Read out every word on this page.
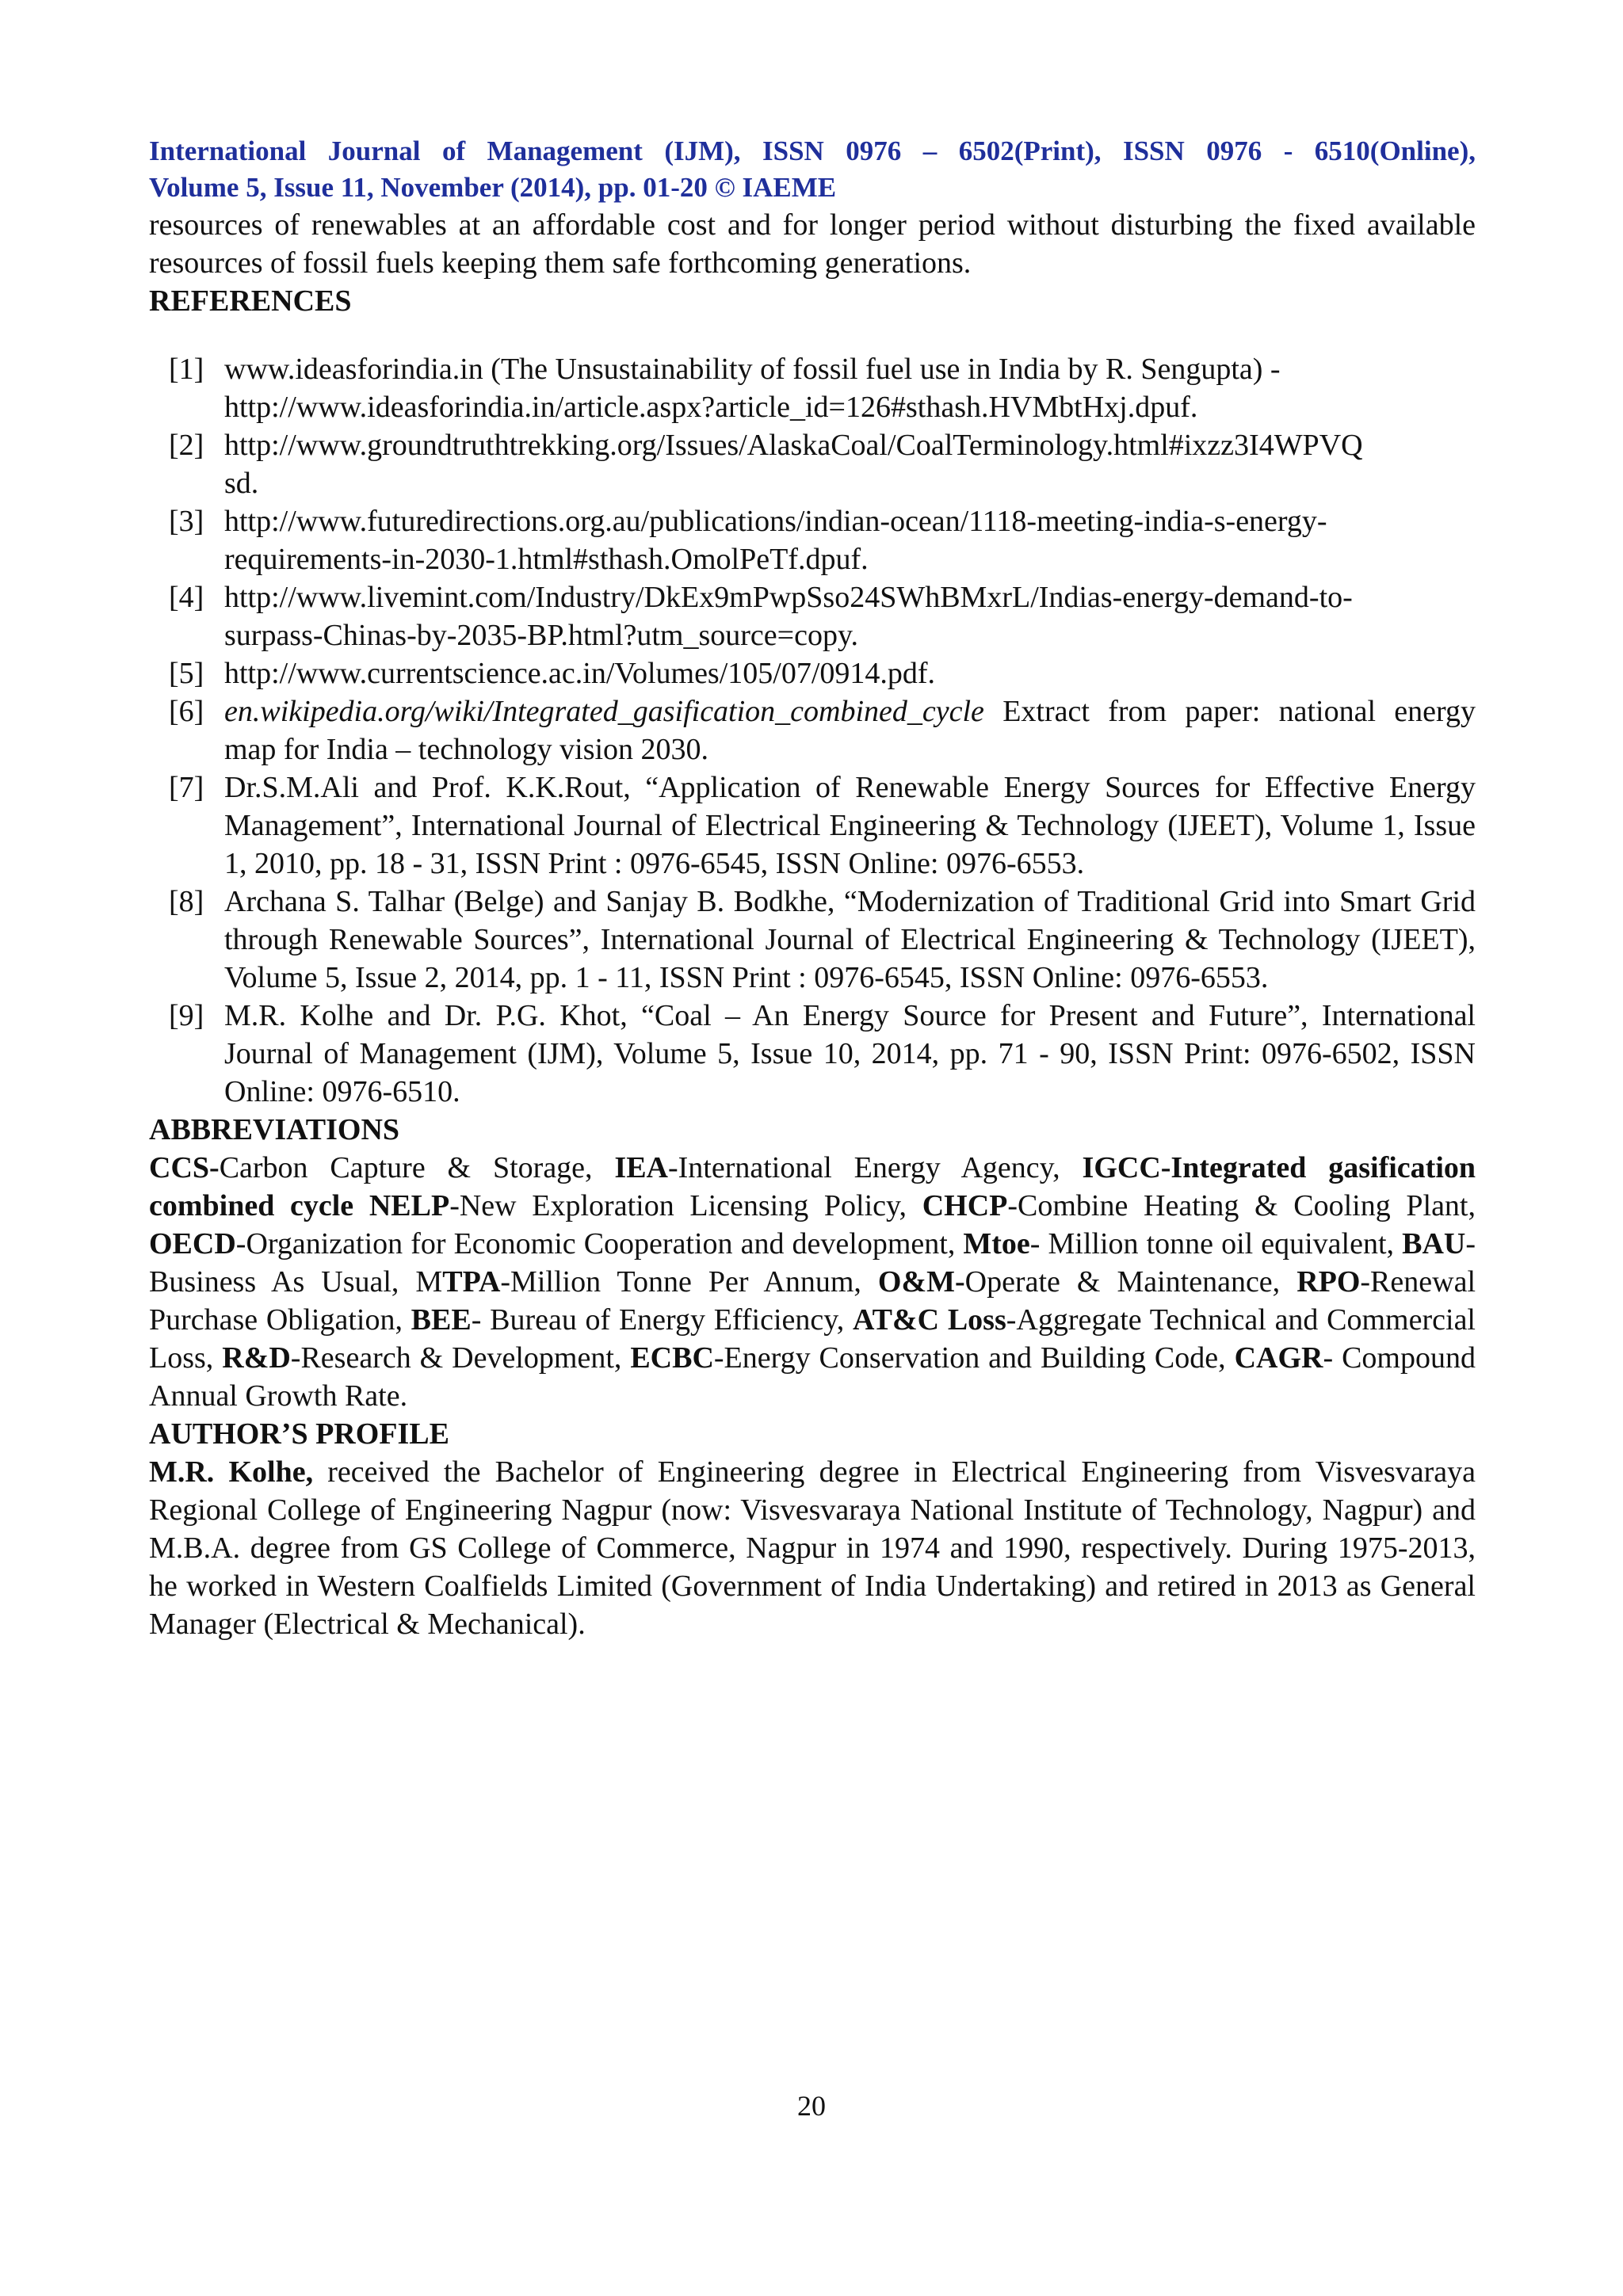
International Journal of Management (IJM), ISSN 0976 – 6502(Print), ISSN 0976 - 6510(Online),
Volume 5, Issue 11, November (2014), pp. 01-20 © IAEME

resources of renewables at an affordable cost and for longer period without disturbing the fixed available resources of fossil fuels keeping them safe forthcoming generations.

REFERENCES
[1] www.ideasforindia.in (The Unsustainability of fossil fuel use in India by R. Sengupta) -
http://www.ideasforindia.in/article.aspx?article_id=126#sthash.HVMbtHxj.dpuf.
[2] http://www.groundtruthtrekking.org/Issues/AlaskaCoal/CoalTerminology.html#ixzz3I4WPVQ
sd.
[3] http://www.futuredirections.org.au/publications/indian-ocean/1118-meeting-india-s-energy-
requirements-in-2030-1.html#sthash.OmolPeTf.dpuf.
[4] http://www.livemint.com/Industry/DkEx9mPwpSso24SWhBMxrL/Indias-energy-demand-to-
surpass-Chinas-by-2035-BP.html?utm_source=copy.
[5] http://www.currentscience.ac.in/Volumes/105/07/0914.pdf.
[6] en.wikipedia.org/wiki/Integrated_gasification_combined_cycle Extract from paper: national energy map for India – technology vision 2030.
[7] Dr.S.M.Ali and Prof. K.K.Rout, “Application of Renewable Energy Sources for Effective Energy Management”, International Journal of Electrical Engineering & Technology (IJEET), Volume 1, Issue 1, 2010, pp. 18 - 31, ISSN Print : 0976-6545, ISSN Online: 0976-6553.
[8] Archana S. Talhar (Belge) and Sanjay B. Bodkhe, “Modernization of Traditional Grid into Smart Grid through Renewable Sources”, International Journal of Electrical Engineering & Technology (IJEET), Volume 5, Issue 2, 2014, pp. 1 - 11, ISSN Print : 0976-6545, ISSN Online: 0976-6553.
[9] M.R. Kolhe and Dr. P.G. Khot, “Coal – An Energy Source for Present and Future”, International Journal of Management (IJM), Volume 5, Issue 10, 2014, pp. 71 - 90, ISSN Print: 0976-6502, ISSN Online: 0976-6510.
ABBREVIATIONS

CCS-Carbon Capture & Storage, IEA-International Energy Agency, IGCC-Integrated gasification combined cycle NELP-New Exploration Licensing Policy, CHCP-Combine Heating & Cooling Plant, OECD-Organization for Economic Cooperation and development, Mtoe- Million tonne oil equivalent, BAU-Business As Usual, MTPA-Million Tonne Per Annum, O&M-Operate & Maintenance, RPO-Renewal Purchase Obligation, BEE- Bureau of Energy Efficiency, AT&C Loss-Aggregate Technical and Commercial Loss, R&D-Research & Development, ECBC-Energy Conservation and Building Code, CAGR- Compound Annual Growth Rate.

AUTHOR’S PROFILE

M.R. Kolhe, received the Bachelor of Engineering degree in Electrical Engineering from Visvesvaraya Regional College of Engineering Nagpur (now: Visvesvaraya National Institute of Technology, Nagpur) and M.B.A. degree from GS College of Commerce, Nagpur in 1974 and 1990, respectively. During 1975-2013, he worked in Western Coalfields Limited (Government of India Undertaking) and retired in 2013 as General Manager (Electrical & Mechanical).

20
